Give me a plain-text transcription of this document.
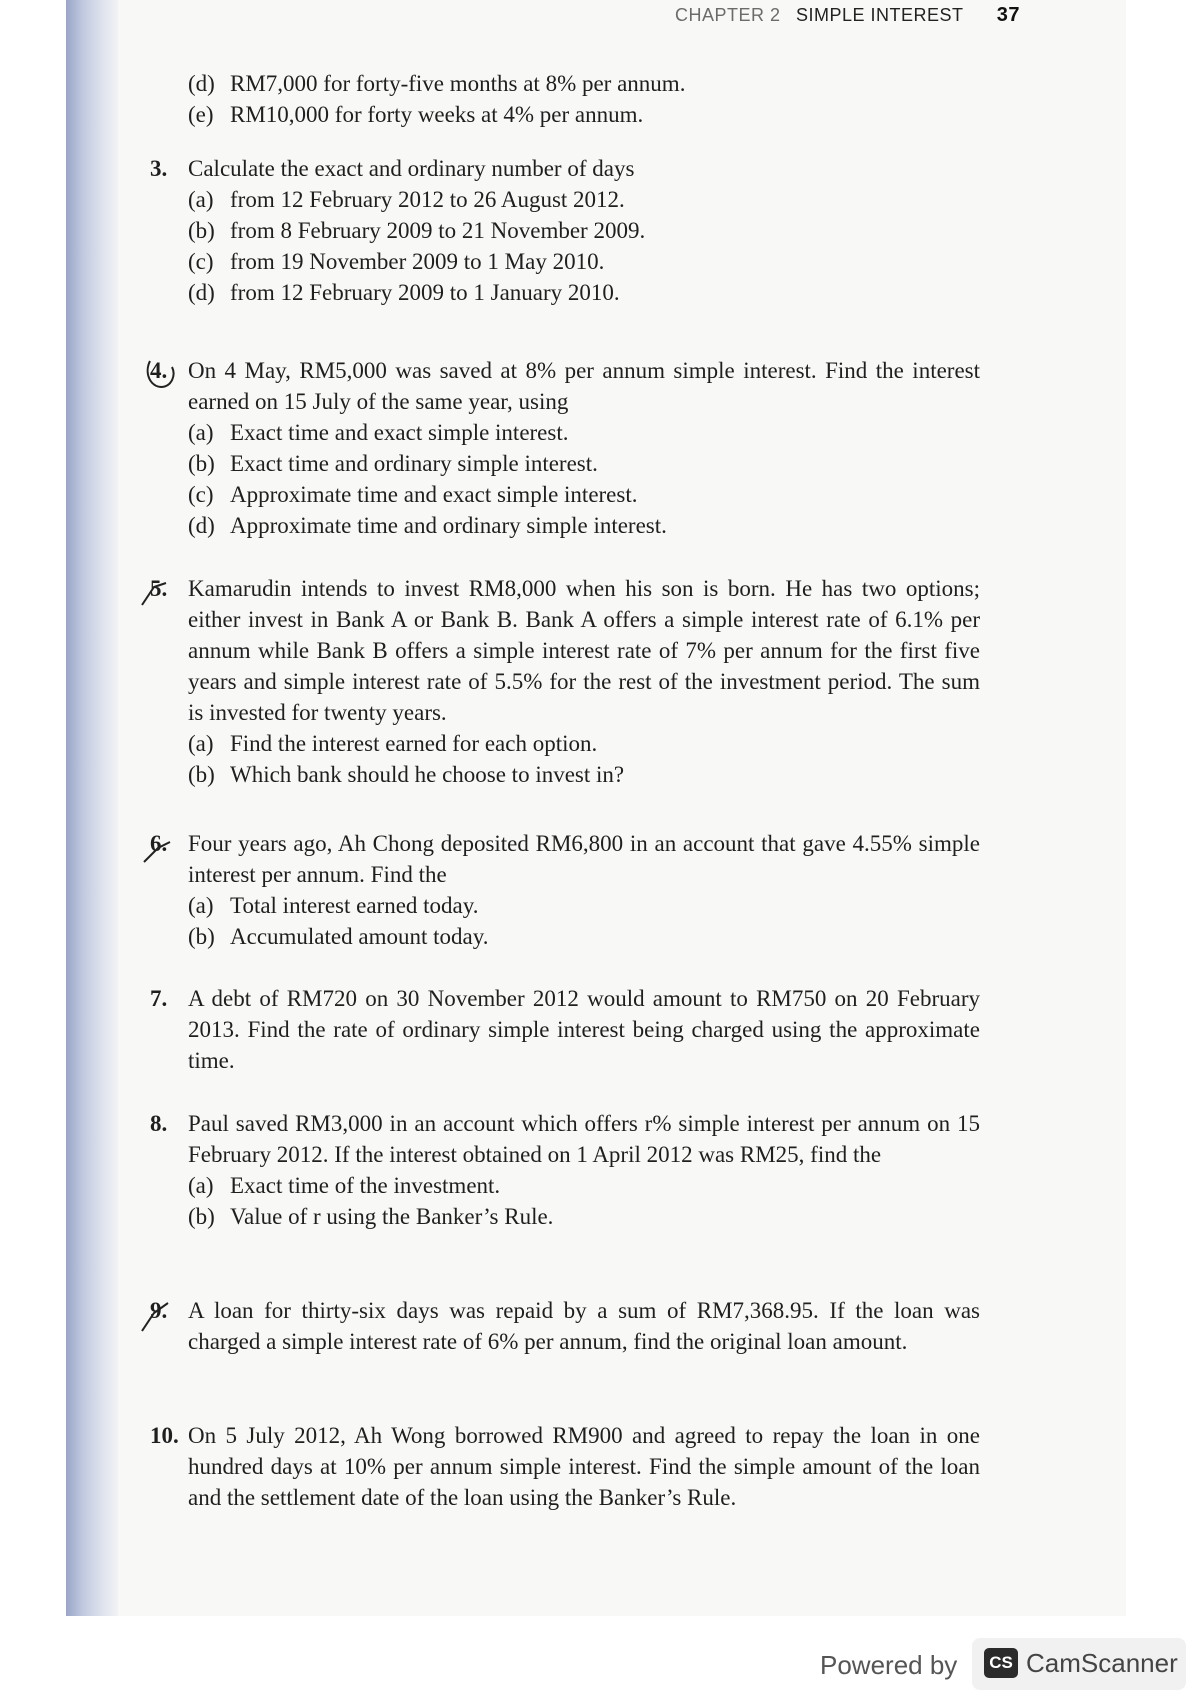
CHAPTER 2 SIMPLE INTEREST 37
(d) RM7,000 for forty-five months at 8% per annum.
(e) RM10,000 for forty weeks at 4% per annum.
3. Calculate the exact and ordinary number of days
(a) from 12 February 2012 to 26 August 2012.
(b) from 8 February 2009 to 21 November 2009.
(c) from 19 November 2009 to 1 May 2010.
(d) from 12 February 2009 to 1 January 2010.
4. On 4 May, RM5,000 was saved at 8% per annum simple interest. Find the interest earned on 15 July of the same year, using
(a) Exact time and exact simple interest.
(b) Exact time and ordinary simple interest.
(c) Approximate time and exact simple interest.
(d) Approximate time and ordinary simple interest.
5. Kamarudin intends to invest RM8,000 when his son is born. He has two options; either invest in Bank A or Bank B. Bank A offers a simple interest rate of 6.1% per annum while Bank B offers a simple interest rate of 7% per annum for the first five years and simple interest rate of 5.5% for the rest of the investment period. The sum is invested for twenty years.
(a) Find the interest earned for each option.
(b) Which bank should he choose to invest in?
6. Four years ago, Ah Chong deposited RM6,800 in an account that gave 4.55% simple interest per annum. Find the
(a) Total interest earned today.
(b) Accumulated amount today.
7. A debt of RM720 on 30 November 2012 would amount to RM750 on 20 February 2013. Find the rate of ordinary simple interest being charged using the approximate time.
8. Paul saved RM3,000 in an account which offers r% simple interest per annum on 15 February 2012. If the interest obtained on 1 April 2012 was RM25, find the
(a) Exact time of the investment.
(b) Value of r using the Banker’s Rule.
9. A loan for thirty-six days was repaid by a sum of RM7,368.95. If the loan was charged a simple interest rate of 6% per annum, find the original loan amount.
10. On 5 July 2012, Ah Wong borrowed RM900 and agreed to repay the loan in one hundred days at 10% per annum simple interest. Find the simple amount of the loan and the settlement date of the loan using the Banker’s Rule.
Powered by	CS CamScanner
